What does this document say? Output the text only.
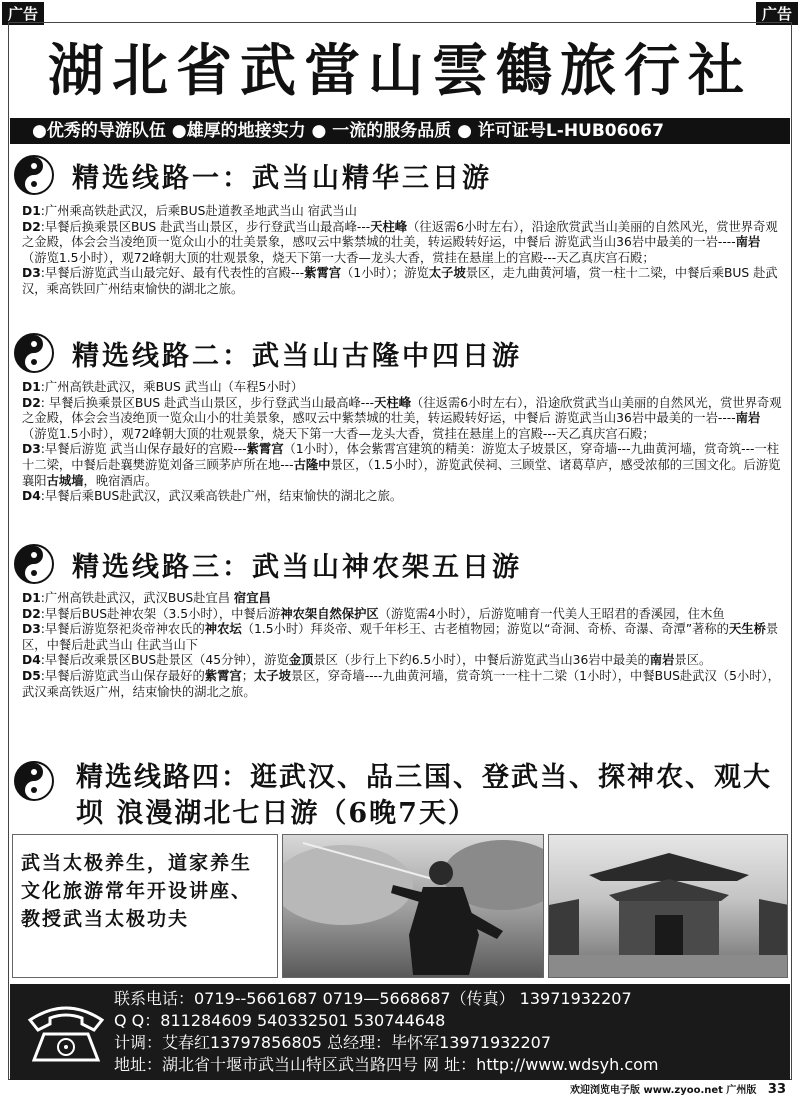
广告	广告
湖北省武當山雲鶴旅行社
●优秀的导游队伍 ●雄厚的地接实力 ● 一流的服务品质 ● 许可证号L-HUB06067
精选线路一：武当山精华三日游

D1:广州乘高铁赴武汉，后乘BUS赴道教圣地武当山 宿武当山

D2:早餐后换乘景区BUS 赴武当山景区，步行登武当山最高峰---天柱峰（往返需6小时左右），沿途欣赏武当山美丽的自然风光，赏世界奇观之金殿，体会会当凌绝顶一览众山小的壮美景象，感叹云中紫禁城的壮美，转运殿转好运，中餐后 游览武当山36岩中最美的一岩----南岩（游览1.5小时），观72峰朝大顶的壮观景象，烧天下第一大香—龙头大香，赏挂在悬崖上的宫殿---天乙真庆宫石殿；

D3:早餐后游览武当山最完好、最有代表性的宫殿---紫霄宫（1小时）；游览太子坡景区，走九曲黄河墙，赏一柱十二梁，中餐后乘BUS 赴武汉，乘高铁回广州结束愉快的湖北之旅。

精选线路二：武当山古隆中四日游

D1:广州高铁赴武汉，乘BUS 武当山（车程5小时）

D2: 早餐后换乘景区BUS 赴武当山景区，步行登武当山最高峰---天柱峰（往返需6小时左右），沿途欣赏武当山美丽的自然风光，赏世界奇观之金殿，体会会当凌绝顶一览众山小的壮美景象，感叹云中紫禁城的壮美，转运殿转好运，中餐后 游览武当山36岩中最美的一岩----南岩（游览1.5小时），观72峰朝大顶的壮观景象，烧天下第一大香—龙头大香，赏挂在悬崖上的宫殿---天乙真庆宫石殿；

D3:早餐后游览 武当山保存最好的宫殿---紫霄宫（1小时），体会紫霄宫建筑的精美：游览太子坡景区，穿奇墙---九曲黄河墙，赏奇筑---一柱十二梁，中餐后赴襄樊游览刘备三顾茅庐所在地---古隆中景区，（1.5小时），游览武侯祠、三顾堂、诸葛草庐，感受浓郁的三国文化。后游览襄阳古城墙，晚宿酒店。

D4:早餐后乘BUS赴武汉，武汉乘高铁赴广州，结束愉快的湖北之旅。

精选线路三：武当山神农架五日游

D1:广州高铁赴武汉，武汉BUS赴宜昌 宿宜昌

D2:早餐后BUS赴神农架（3.5小时），中餐后游神农架自然保护区（游览需4小时），后游览哺育一代美人王昭君的香溪园，住木鱼

D3:早餐后游览祭祀炎帝神农氏的神农坛（1.5小时）拜炎帝、观千年杉王、古老植物园；游览以“奇洞、奇桥、奇瀑、奇潭”著称的天生桥景区，中餐后赴武当山 住武当山下

D4:早餐后改乘景区BUS赴景区（45分钟），游览金顶景区（步行上下约6.5小时），中餐后游览武当山36岩中最美的南岩景区。

D5:早餐后游览武当山保存最好的紫霄宫；太子坡景区，穿奇墙----九曲黄河墙，赏奇筑一一柱十二梁（1小时），中餐BUS赴武汉（5小时），武汉乘高铁返广州，结束愉快的湖北之旅。

精选线路四：逛武汉、品三国、登武当、探神农、观大坝 浪漫湖北七日游（6晚7天）
武当太极养生，道家养生文化旅游常年开设讲座、教授武当太极功夫
联系电话：0719--5661687 0719—5668687（传真） 13971932207
Q Q：811284609 540332501 530744648
计调：艾春红13797856805 总经理：毕怀军13971932207
地址：湖北省十堰市武当山特区武当路四号 网 址：http://www.wdsyh.com
欢迎浏览电子版 www.zyoo.net 广州版 33
